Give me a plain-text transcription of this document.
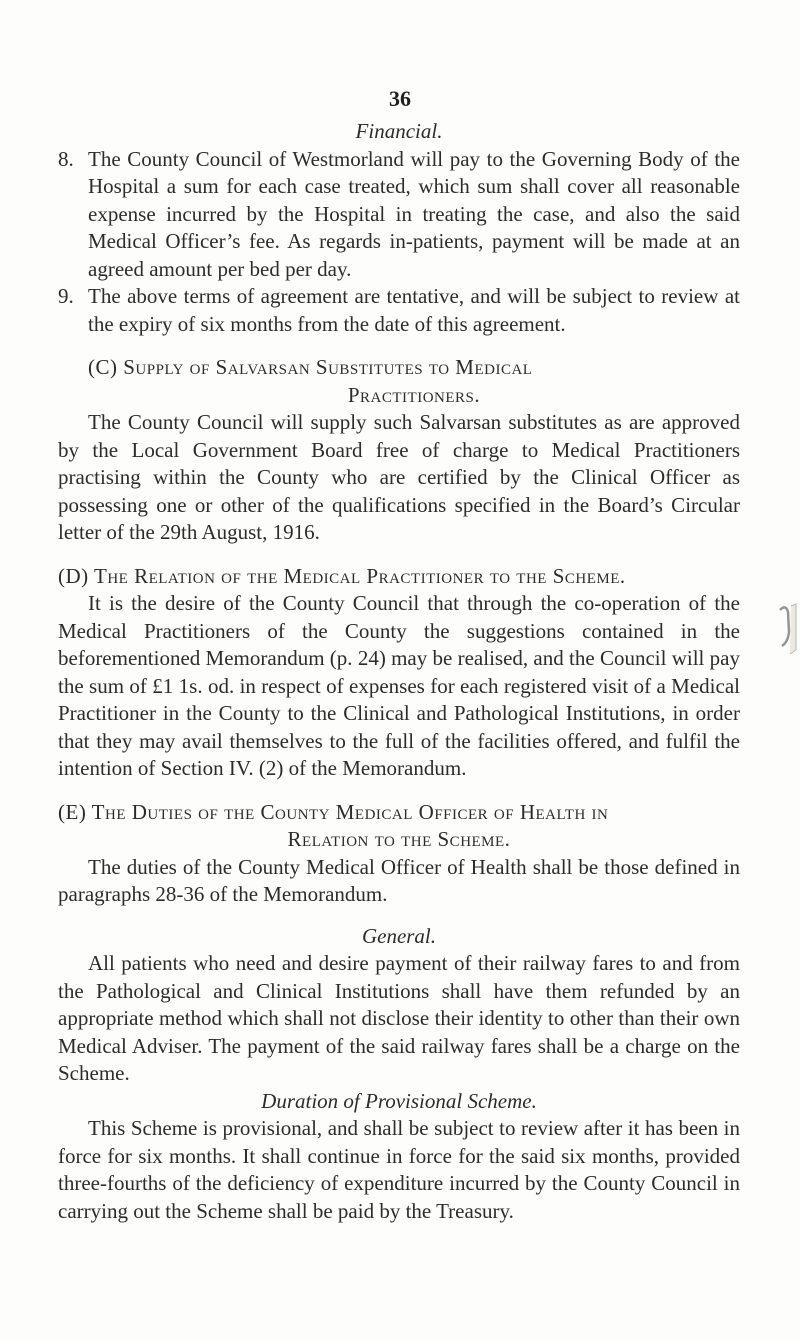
36

Financial.

8. The County Council of Westmorland will pay to the Governing Body of the Hospital a sum for each case treated, which sum shall cover all reasonable expense incurred by the Hospital in treating the case, and also the said Medical Officer’s fee. As regards in-patients, payment will be made at an agreed amount per bed per day.
9. The above terms of agreement are tentative, and will be subject to review at the expiry of six months from the date of this agreement.

(C) Supply of Salvarsan Substitutes to Medical
Practitioners.

The County Council will supply such Salvarsan substitutes as are approved by the Local Government Board free of charge to Medical Practitioners practising within the County who are certified by the Clinical Officer as possessing one or other of the qualifications specified in the Board’s Circular letter of the 29th August, 1916.

(D) The Relation of the Medical Practitioner to the Scheme.

It is the desire of the County Council that through the co-operation of the Medical Practitioners of the County the suggestions contained in the beforementioned Memorandum (p. 24) may be realised, and the Council will pay the sum of £1 1s. od. in respect of expenses for each registered visit of a Medical Practitioner in the County to the Clinical and Pathological Institutions, in order that they may avail themselves to the full of the facilities offered, and fulfil the intention of Section IV. (2) of the Memorandum.

(E) The Duties of the County Medical Officer of Health in
Relation to the Scheme.

The duties of the County Medical Officer of Health shall be those defined in paragraphs 28-36 of the Memorandum.

General.

All patients who need and desire payment of their railway fares to and from the Pathological and Clinical Institutions shall have them refunded by an appropriate method which shall not disclose their identity to other than their own Medical Adviser. The payment of the said railway fares shall be a charge on the Scheme.

Duration of Provisional Scheme.

This Scheme is provisional, and shall be subject to review after it has been in force for six months. It shall continue in force for the said six months, provided three-fourths of the deficiency of expenditure incurred by the County Council in carrying out the Scheme shall be paid by the Treasury.
